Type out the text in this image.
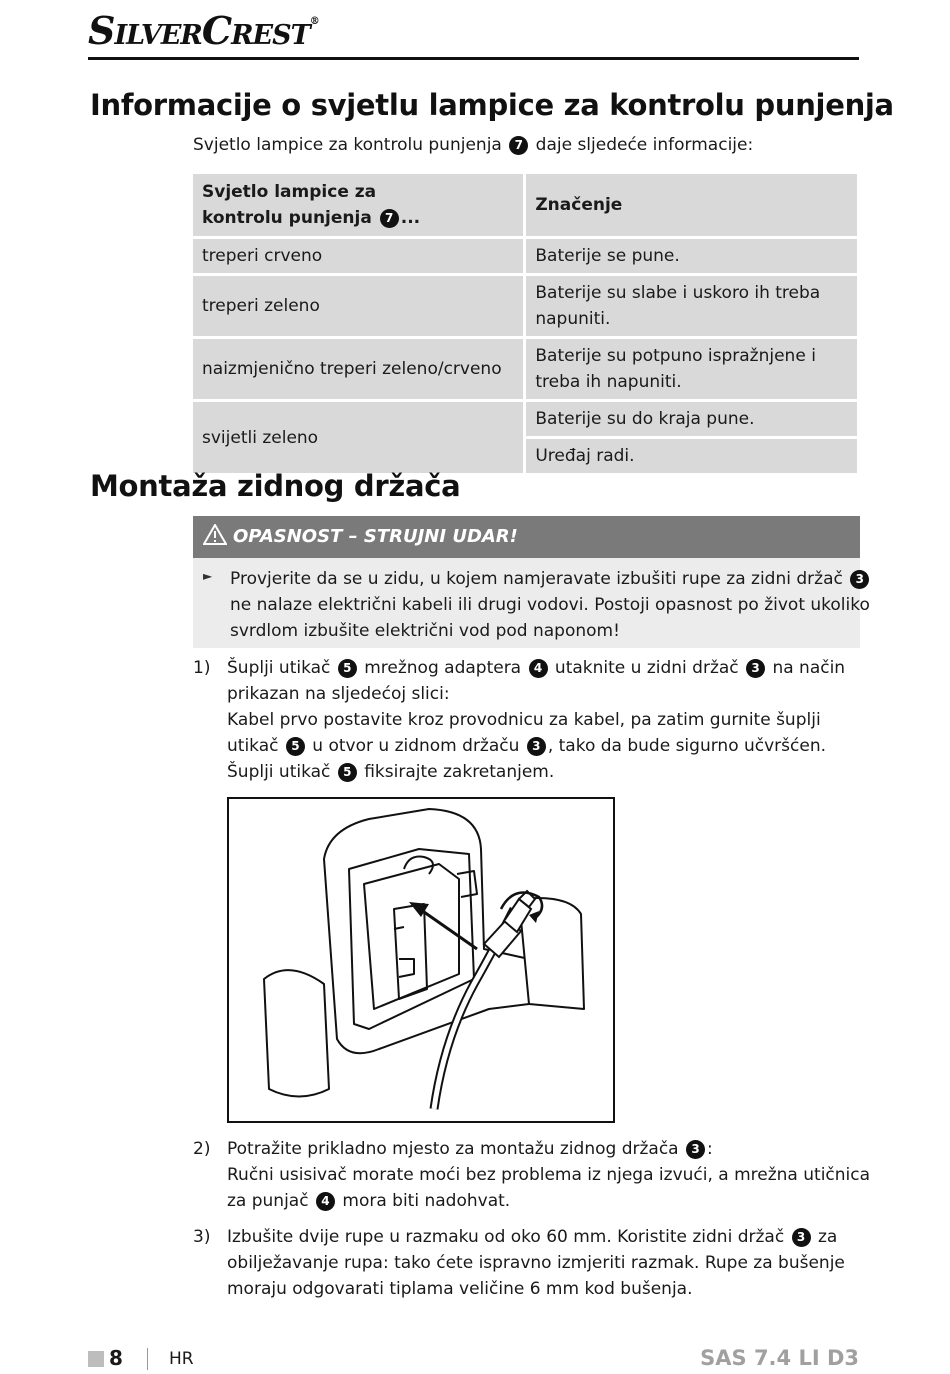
SILVERCREST®
Informacije o svjetlu lampice za kontrolu punjenja
Svjetlo lampice za kontrolu punjenja 7 daje sljedeće informacije:
Svjetlo lampice za
kontrolu punjenja 7 ...	Značenje
treperi crveno	Baterije se pune.
treperi zeleno	Baterije su slabe i uskoro ih treba napuniti.
naizmjenično treperi zeleno/crveno	Baterije su potpuno ispražnjene i treba ih napuniti.
svijetli zeleno	Baterije su do kraja pune.
	Uređaj radi.
Montaža zidnog držača
OPASNOST – STRUJNI UDAR!
► Provjerite da se u zidu, u kojem namjeravate izbušiti rupe za zidni držač 3
ne nalaze električni kabeli ili drugi vodovi. Postoji opasnost po život ukoliko
svrdlom izbušite električni vod pod naponom!
1) Šuplji utikač 5 mrežnog adaptera 4 utaknite u zidni držač 3 na način
prikazan na sljedećoj slici:
Kabel prvo postavite kroz provodnicu za kabel, pa zatim gurnite šuplji
utikač 5 u otvor u zidnom držaču 3 , tako da bude sigurno učvršćen.
Šuplji utikač 5 fiksirajte zakretanjem.
2) Potražite prikladno mjesto za montažu zidnog držača 3 :
Ručni usisivač morate moći bez problema iz njega izvući, a mrežna utičnica
za punjač 4 mora biti nadohvat.
3) Izbušite dvije rupe u razmaku od oko 60 mm. Koristite zidni držač 3 za
obilježavanje rupa: tako ćete ispravno izmjeriti razmak. Rupe za bušenje
moraju odgovarati tiplama veličine 6 mm kod bušenja.
8	HR	SAS 7.4 LI D3
